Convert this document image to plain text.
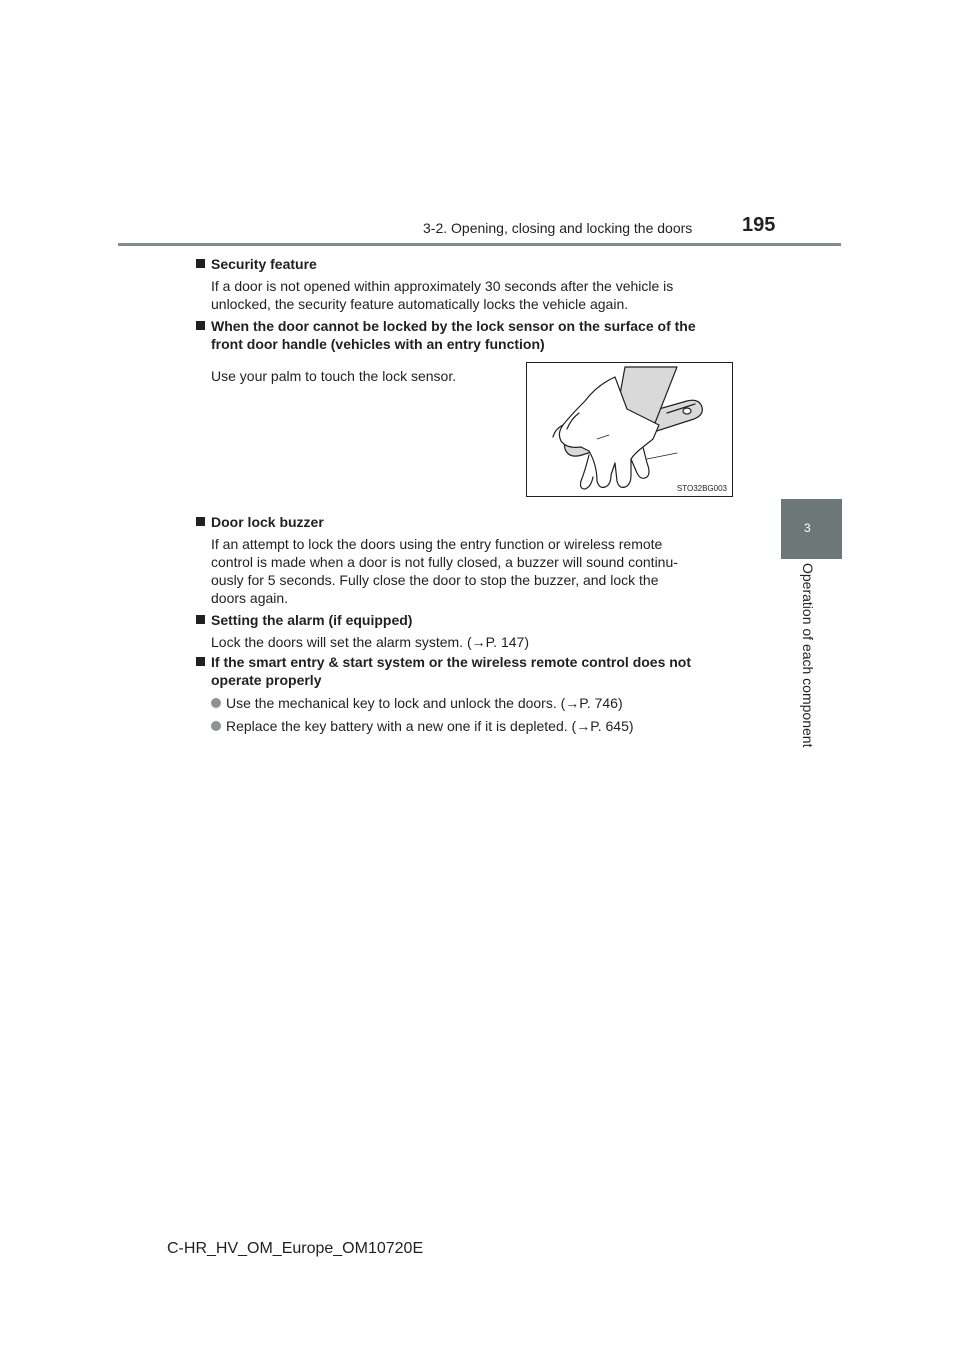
3-2. Opening, closing and locking the doors 195
3
Operation of each component
Security feature
If a door is not opened within approximately 30 seconds after the vehicle is
unlocked, the security feature automatically locks the vehicle again.
When the door cannot be locked by the lock sensor on the surface of the
front door handle (vehicles with an entry function)
Use your palm to touch the lock sensor.
Door lock buzzer
If an attempt to lock the doors using the entry function or wireless remote
control is made when a door is not fully closed, a buzzer will sound continu-
ously for 5 seconds. Fully close the door to stop the buzzer, and lock the
doors again.
Setting the alarm (if equipped)
Lock the doors will set the alarm system. (→P. 147)
If the smart entry & start system or the wireless remote control does not
operate properly
Use the mechanical key to lock and unlock the doors. (→P. 746)
Replace the key battery with a new one if it is depleted. (→P. 645)
STO32BG003
C-HR_HV_OM_Europe_OM10720E
